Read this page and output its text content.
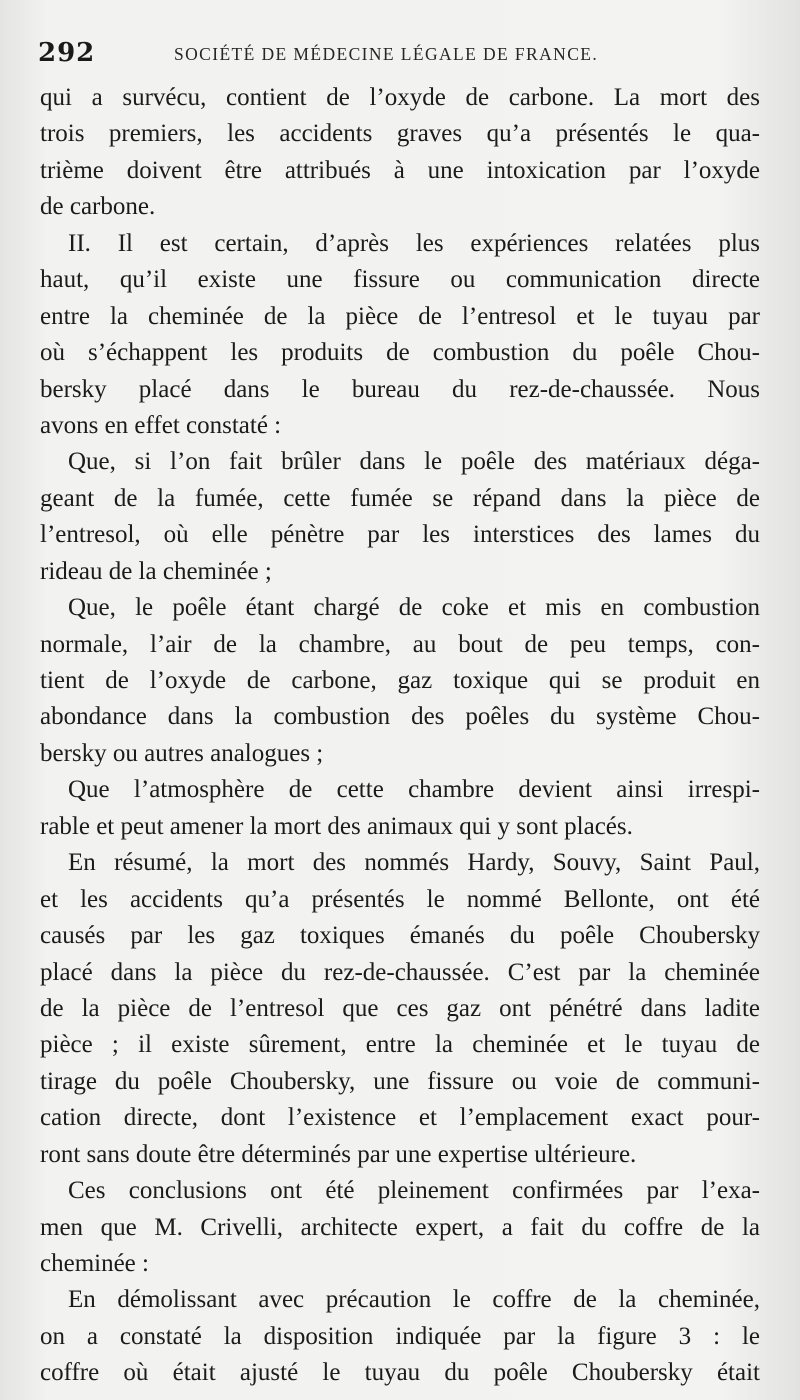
292	SOCIÉTÉ DE MÉDECINE LÉGALE DE FRANCE.
qui a survécu, contient de l’oxyde de carbone. La mort des
trois premiers, les accidents graves qu’a présentés le qua-
trième doivent être attribués à une intoxication par l’oxyde
de carbone.
II. Il est certain, d’après les expériences relatées plus
haut, qu’il existe une fissure ou communication directe
entre la cheminée de la pièce de l’entresol et le tuyau par
où s’échappent les produits de combustion du poêle Chou-
bersky placé dans le bureau du rez-de-chaussée. Nous
avons en effet constaté :
Que, si l’on fait brûler dans le poêle des matériaux déga-
geant de la fumée, cette fumée se répand dans la pièce de
l’entresol, où elle pénètre par les interstices des lames du
rideau de la cheminée ;
Que, le poêle étant chargé de coke et mis en combustion
normale, l’air de la chambre, au bout de peu temps, con-
tient de l’oxyde de carbone, gaz toxique qui se produit en
abondance dans la combustion des poêles du système Chou-
bersky ou autres analogues ;
Que l’atmosphère de cette chambre devient ainsi irrespi-
rable et peut amener la mort des animaux qui y sont placés.
En résumé, la mort des nommés Hardy, Souvy, Saint Paul,
et les accidents qu’a présentés le nommé Bellonte, ont été
causés par les gaz toxiques émanés du poêle Choubersky
placé dans la pièce du rez-de-chaussée. C’est par la cheminée
de la pièce de l’entresol que ces gaz ont pénétré dans ladite
pièce ; il existe sûrement, entre la cheminée et le tuyau de
tirage du poêle Choubersky, une fissure ou voie de communi-
cation directe, dont l’existence et l’emplacement exact pour-
ront sans doute être déterminés par une expertise ultérieure.
Ces conclusions ont été pleinement confirmées par l’exa-
men que M. Crivelli, architecte expert, a fait du coffre de la
cheminée :
En démolissant avec précaution le coffre de la cheminée,
on a constaté la disposition indiquée par la figure 3 : le
coffre où était ajusté le tuyau du poêle Choubersky était
